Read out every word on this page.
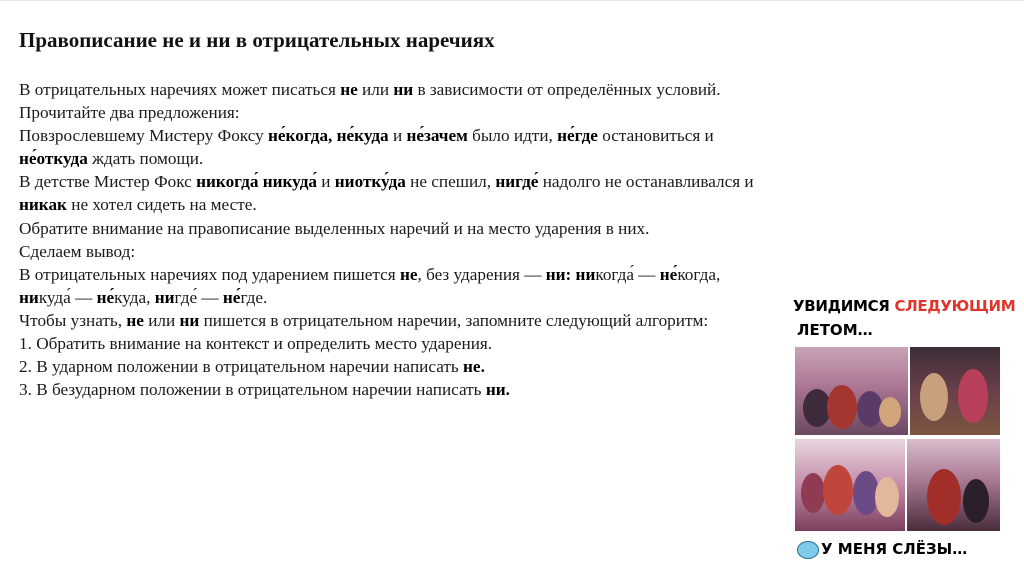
Правописание не и ни в отрицательных наречиях
В отрицательных наречиях может писаться не или ни в зависимости от определённых условий.
Прочитайте два предложения:
Повзрослевшему Мистеру Фоксу не́когда, не́куда и не́зачем было идти, не́где остановиться и
не́откуда ждать помощи.
В детстве Мистер Фокс никогда́ никуда́ и ниотку́да не спешил, нигде́ надолго не останавливался и
никак не хотел сидеть на месте.
Обратите внимание на правописание выделенных наречий и на место ударения в них.
Сделаем вывод:
В отрицательных наречиях под ударением пишется не, без ударения — ни: никогда́ — не́когда,
никуда́ — не́куда, нигде́ — не́где.
Чтобы узнать, не или ни пишется в отрицательном наречии, запомните следующий алгоритм:
1. Обратить внимание на контекст и определить место ударения.
2. В ударном положении в отрицательном наречии написать не.
3. В безударном положении в отрицательном наречии написать ни.
УВИДИМСЯ СЛЕДУЮЩИМ
ЛЕТОМ…
У МЕНЯ СЛЁЗЫ…
